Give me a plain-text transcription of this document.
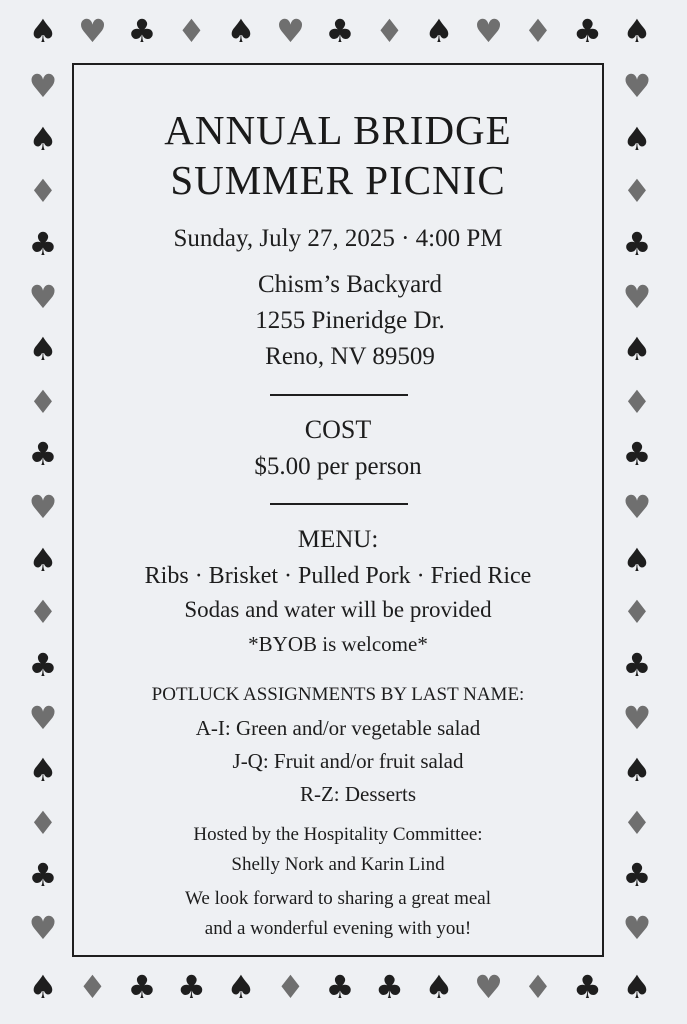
♠ ♥ ♣ ♦ ♠ ♥ ♣ ♦ ♠ ♥ ♦ ♣ ♠
♠ ♦ ♣ ♣ ♠ ♦ ♣ ♣ ♠ ♥ ♦ ♣ ♠
♥
♠
♦
♣
♥
♠
♦
♣
♥
♠
♦
♣
♥
♠
♦
♣
♥
♥
♠
♦
♣
♥
♠
♦
♣
♥
♠
♦
♣
♥
♠
♦
♣
♥
ANNUAL BRIDGE
SUMMER PICNIC
Sunday, July 27, 2025 · 4:00 PM
Chism’s Backyard
1255 Pineridge Dr.
Reno, NV 89509
COST
$5.00 per person
MENU:
Ribs · Brisket · Pulled Pork · Fried Rice
Sodas and water will be provided
*BYOB is welcome*
POTLUCK ASSIGNMENTS BY LAST NAME:
A-I: Green and/or vegetable salad
J-Q: Fruit and/or fruit salad
R-Z: Desserts
Hosted by the Hospitality Committee:
Shelly Nork and Karin Lind
We look forward to sharing a great meal
and a wonderful evening with you!
